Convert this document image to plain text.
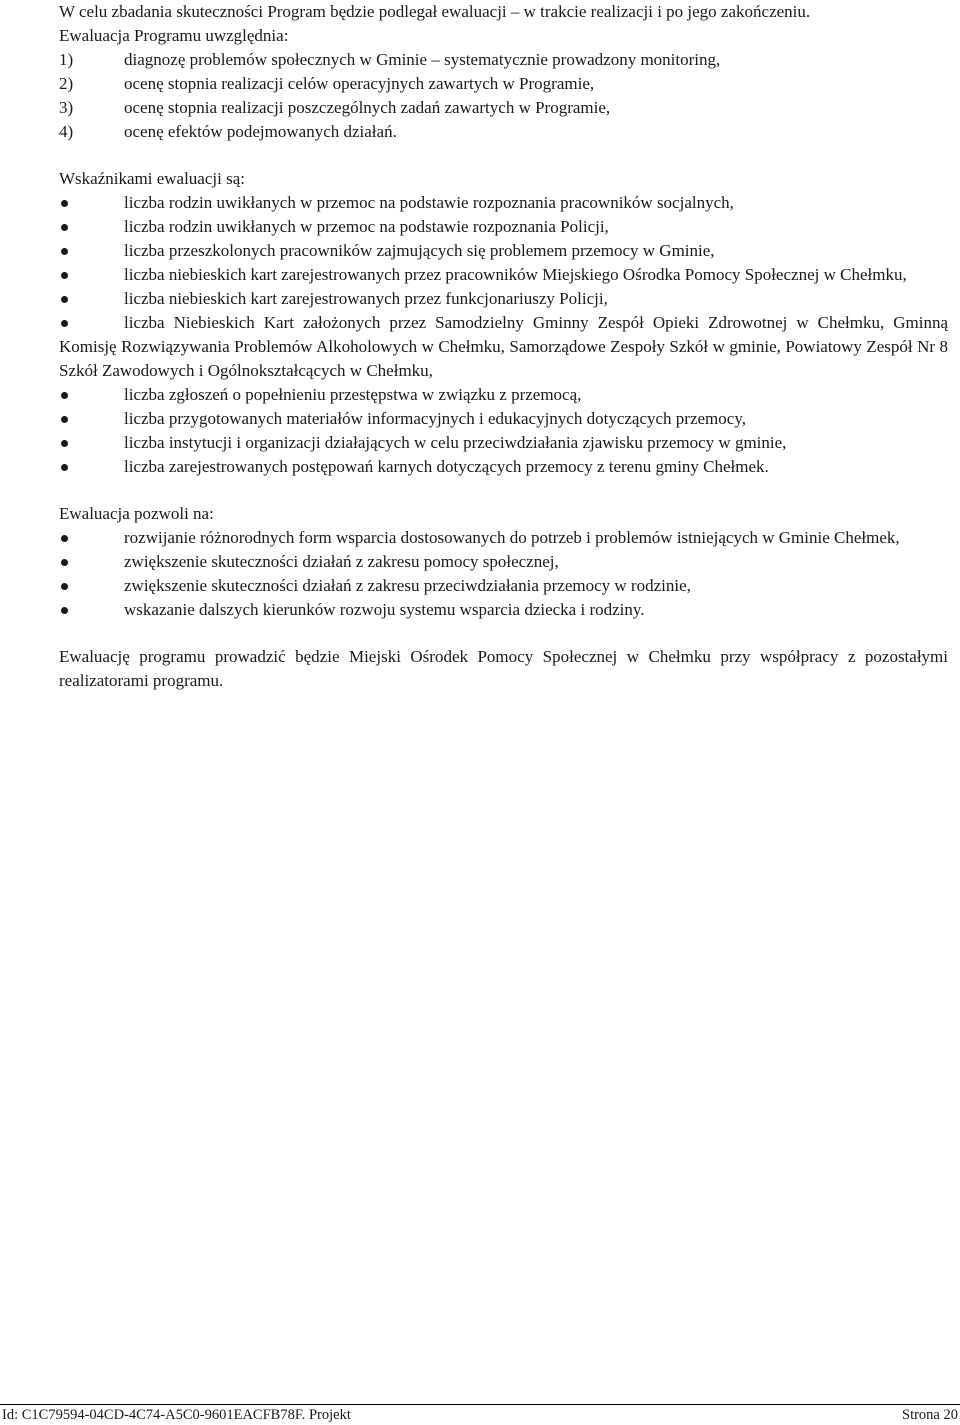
W celu zbadania skuteczności Program będzie podlegał ewaluacji – w trakcie realizacji i po jego zakończeniu.

Ewaluacja Programu uwzględnia:

1)	diagnozę problemów społecznych w Gminie – systematycznie prowadzony monitoring,
2)	ocenę stopnia realizacji celów operacyjnych zawartych w Programie,
3)	ocenę stopnia realizacji poszczególnych zadań zawartych w Programie,
4)	ocenę efektów podejmowanych działań.

Wskaźnikami ewaluacji są:

liczba rodzin uwikłanych w przemoc na podstawie rozpoznania pracowników socjalnych,
liczba rodzin uwikłanych w przemoc na podstawie rozpoznania Policji,
liczba przeszkolonych pracowników zajmujących się problemem przemocy w Gminie,
liczba niebieskich kart zarejestrowanych przez pracowników Miejskiego Ośrodka Pomocy Społecznej w Chełmku,
liczba niebieskich kart zarejestrowanych przez funkcjonariuszy Policji,
liczba Niebieskich Kart założonych przez Samodzielny Gminny Zespół Opieki Zdrowotnej w Chełmku, Gminną Komisję Rozwiązywania Problemów Alkoholowych w Chełmku, Samorządowe Zespoły Szkół w gminie, Powiatowy Zespół Nr 8 Szkół Zawodowych i Ogólnokształcących w Chełmku,
liczba zgłoszeń o popełnieniu przestępstwa w związku z przemocą,
liczba przygotowanych materiałów informacyjnych i edukacyjnych dotyczących przemocy,
liczba instytucji i organizacji działających w celu przeciwdziałania zjawisku przemocy w gminie,
liczba zarejestrowanych postępowań karnych dotyczących przemocy z terenu gminy Chełmek.

Ewaluacja pozwoli na:

rozwijanie różnorodnych form wsparcia dostosowanych do potrzeb i problemów istniejących w Gminie Chełmek,
zwiększenie skuteczności działań z zakresu pomocy społecznej,
zwiększenie skuteczności działań z zakresu przeciwdziałania przemocy w rodzinie,
wskazanie dalszych kierunków rozwoju systemu wsparcia dziecka i rodziny.

Ewaluację programu prowadzić będzie Miejski Ośrodek Pomocy Społecznej w Chełmku przy współpracy z pozostałymi realizatorami programu.

Id: C1C79594-04CD-4C74-A5C0-9601EACFB78F. Projekt	Strona 20
